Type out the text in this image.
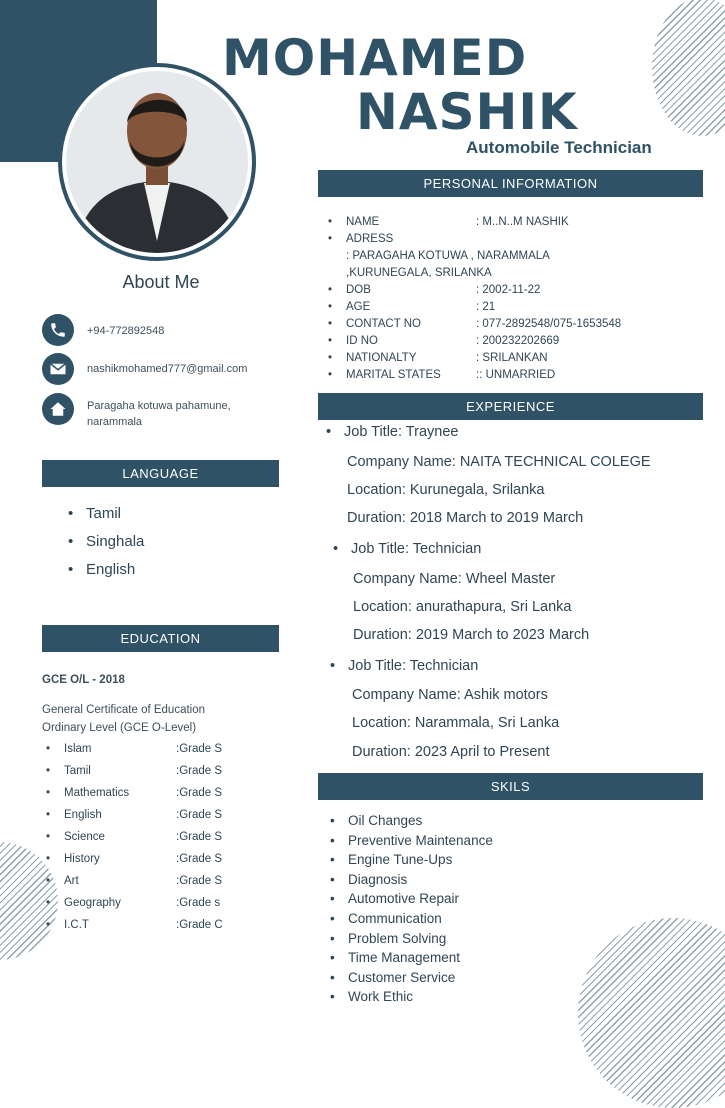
MOHAMED
NASHIK
Automobile Technician
About Me
+94-772892548
nashikmohamed777@gmail.com
Paragaha kotuwa pahamune, narammala
LANGUAGE
• Tamil
• Singhala
• English
EDUCATION
GCE O/L - 2018
General Certificate of Education
Ordinary Level (GCE O-Level)
• Islam	:Grade S
• Tamil	:Grade S
• Mathematics	:Grade S
• English	:Grade S
• Science	:Grade S
• History	:Grade S
• Art	:Grade S
• Geography	:Grade s
• I.C.T	:Grade C
PERSONAL INFORMATION
• NAME	: M..N..M NASHIK
• ADRESS: PARAGAHA KOTUWA , NARAMMALA ,KURUNEGALA, SRILANKA
• DOB	: 2002-11-22
• AGE	: 21
• CONTACT NO	: 077-2892548/075-1653548
• ID NO	: 200232202669
• NATIONALTY	: SRILANKAN
• MARITAL STATES	:: UNMARRIED
EXPERIENCE
• Job Title: Traynee
Company Name: NAITA TECHNICAL COLEGE
Location: Kurunegala, Srilanka
Duration: 2018 March to 2019 March
• Job Title: Technician
Company Name: Wheel Master
Location: anurathapura, Sri Lanka
Duration: 2019 March to 2023 March
• Job Title: Technician
Company Name: Ashik motors
Location: Narammala, Sri Lanka
Duration: 2023 April to Present
SKILS
• Oil Changes
• Preventive Maintenance
• Engine Tune-Ups
• Diagnosis
• Automotive Repair
• Communication
• Problem Solving
• Time Management
• Customer Service
• Work Ethic
